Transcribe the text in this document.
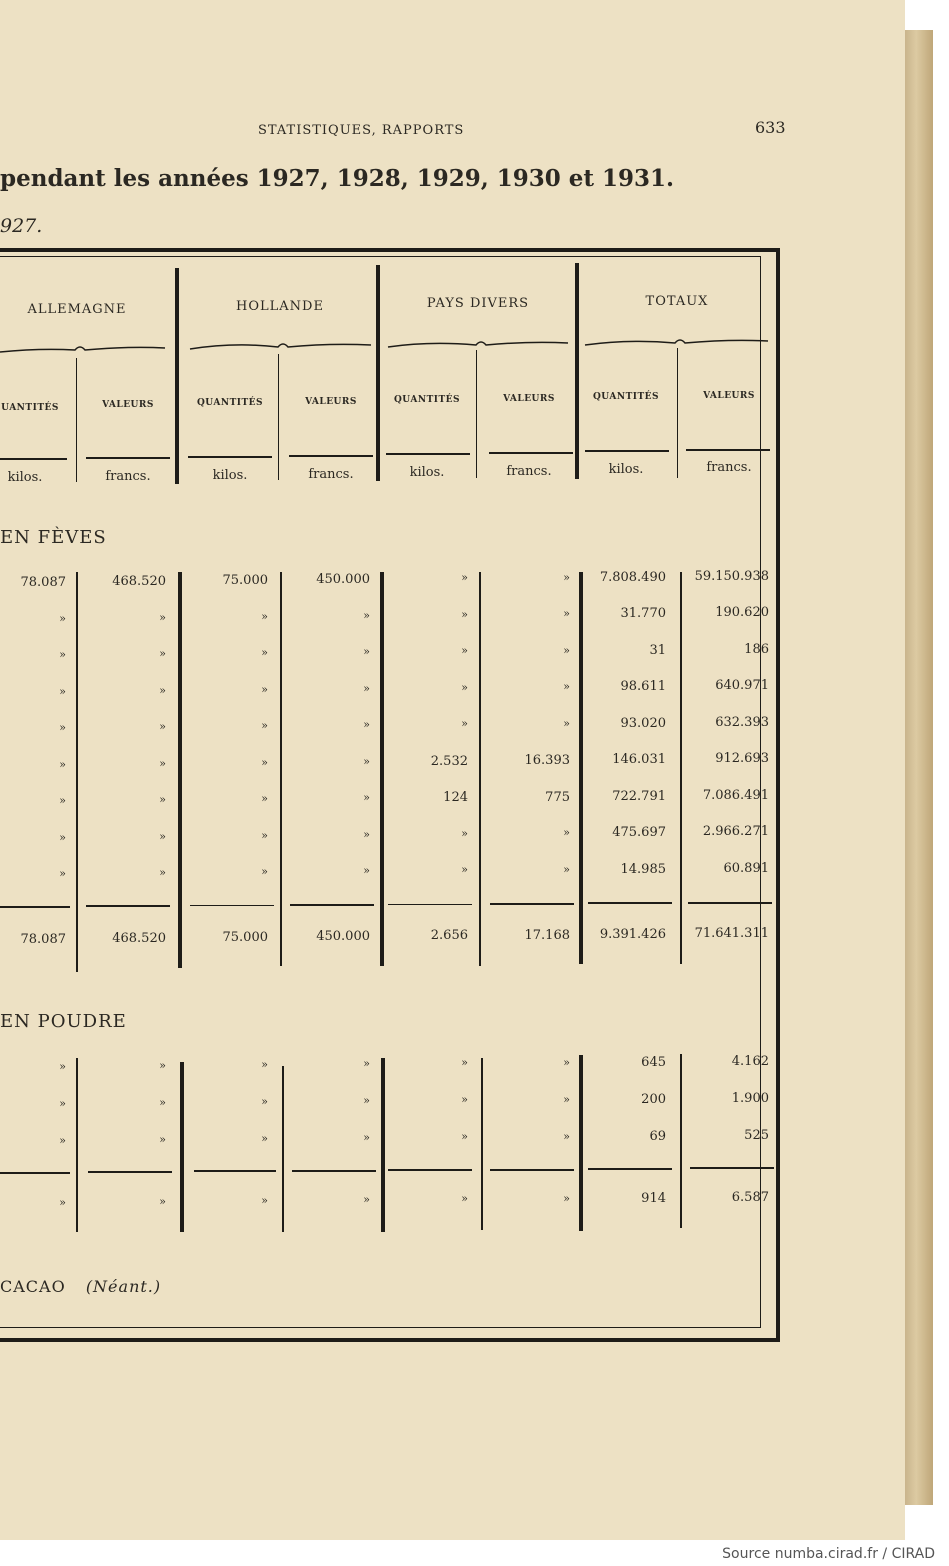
Source numba.cirad.fr / CIRAD
STATISTIQUES, RAPPORTS	633
pendant les années 1927, 1928, 1929, 1930 et 1931.
927.
ALLEMAGNE	HOLLANDE	PAYS DIVERS	TOTAUX
UANTITÉS	VALEURS	QUANTITÉS	VALEURS	QUANTITÉS	VALEURS	QUANTITÉS	VALEURS
kilos.	francs.	kilos.	francs.	kilos.	francs.	kilos.	francs.
EN FÈVES
78.087	468.520	75.000	450.000	»	»	7.808.490	59.150.938
»	»	»	»	»	»	31.770	190.620
»	»	»	»	»	»	31	186
»	»	»	»	»	»	98.611	640.971
»	»	»	»	»	»	93.020	632.393
»	»	»	»	2.532	16.393	146.031	912.693
»	»	»	»	124	775	722.791	7.086.491
»	»	»	»	»	»	475.697	2.966.271
»	»	»	»	»	»	14.985	60.891
78.087	468.520	75.000	450.000	2.656	17.168	9.391.426	71.641.311
EN POUDRE
»	»	»	»	»	»	645	4.162
»	»	»	»	»	»	200	1.900
»	»	»	»	»	»	69	525
»	»	»	»	»	»	914	6.587
CACAO (Néant.)
